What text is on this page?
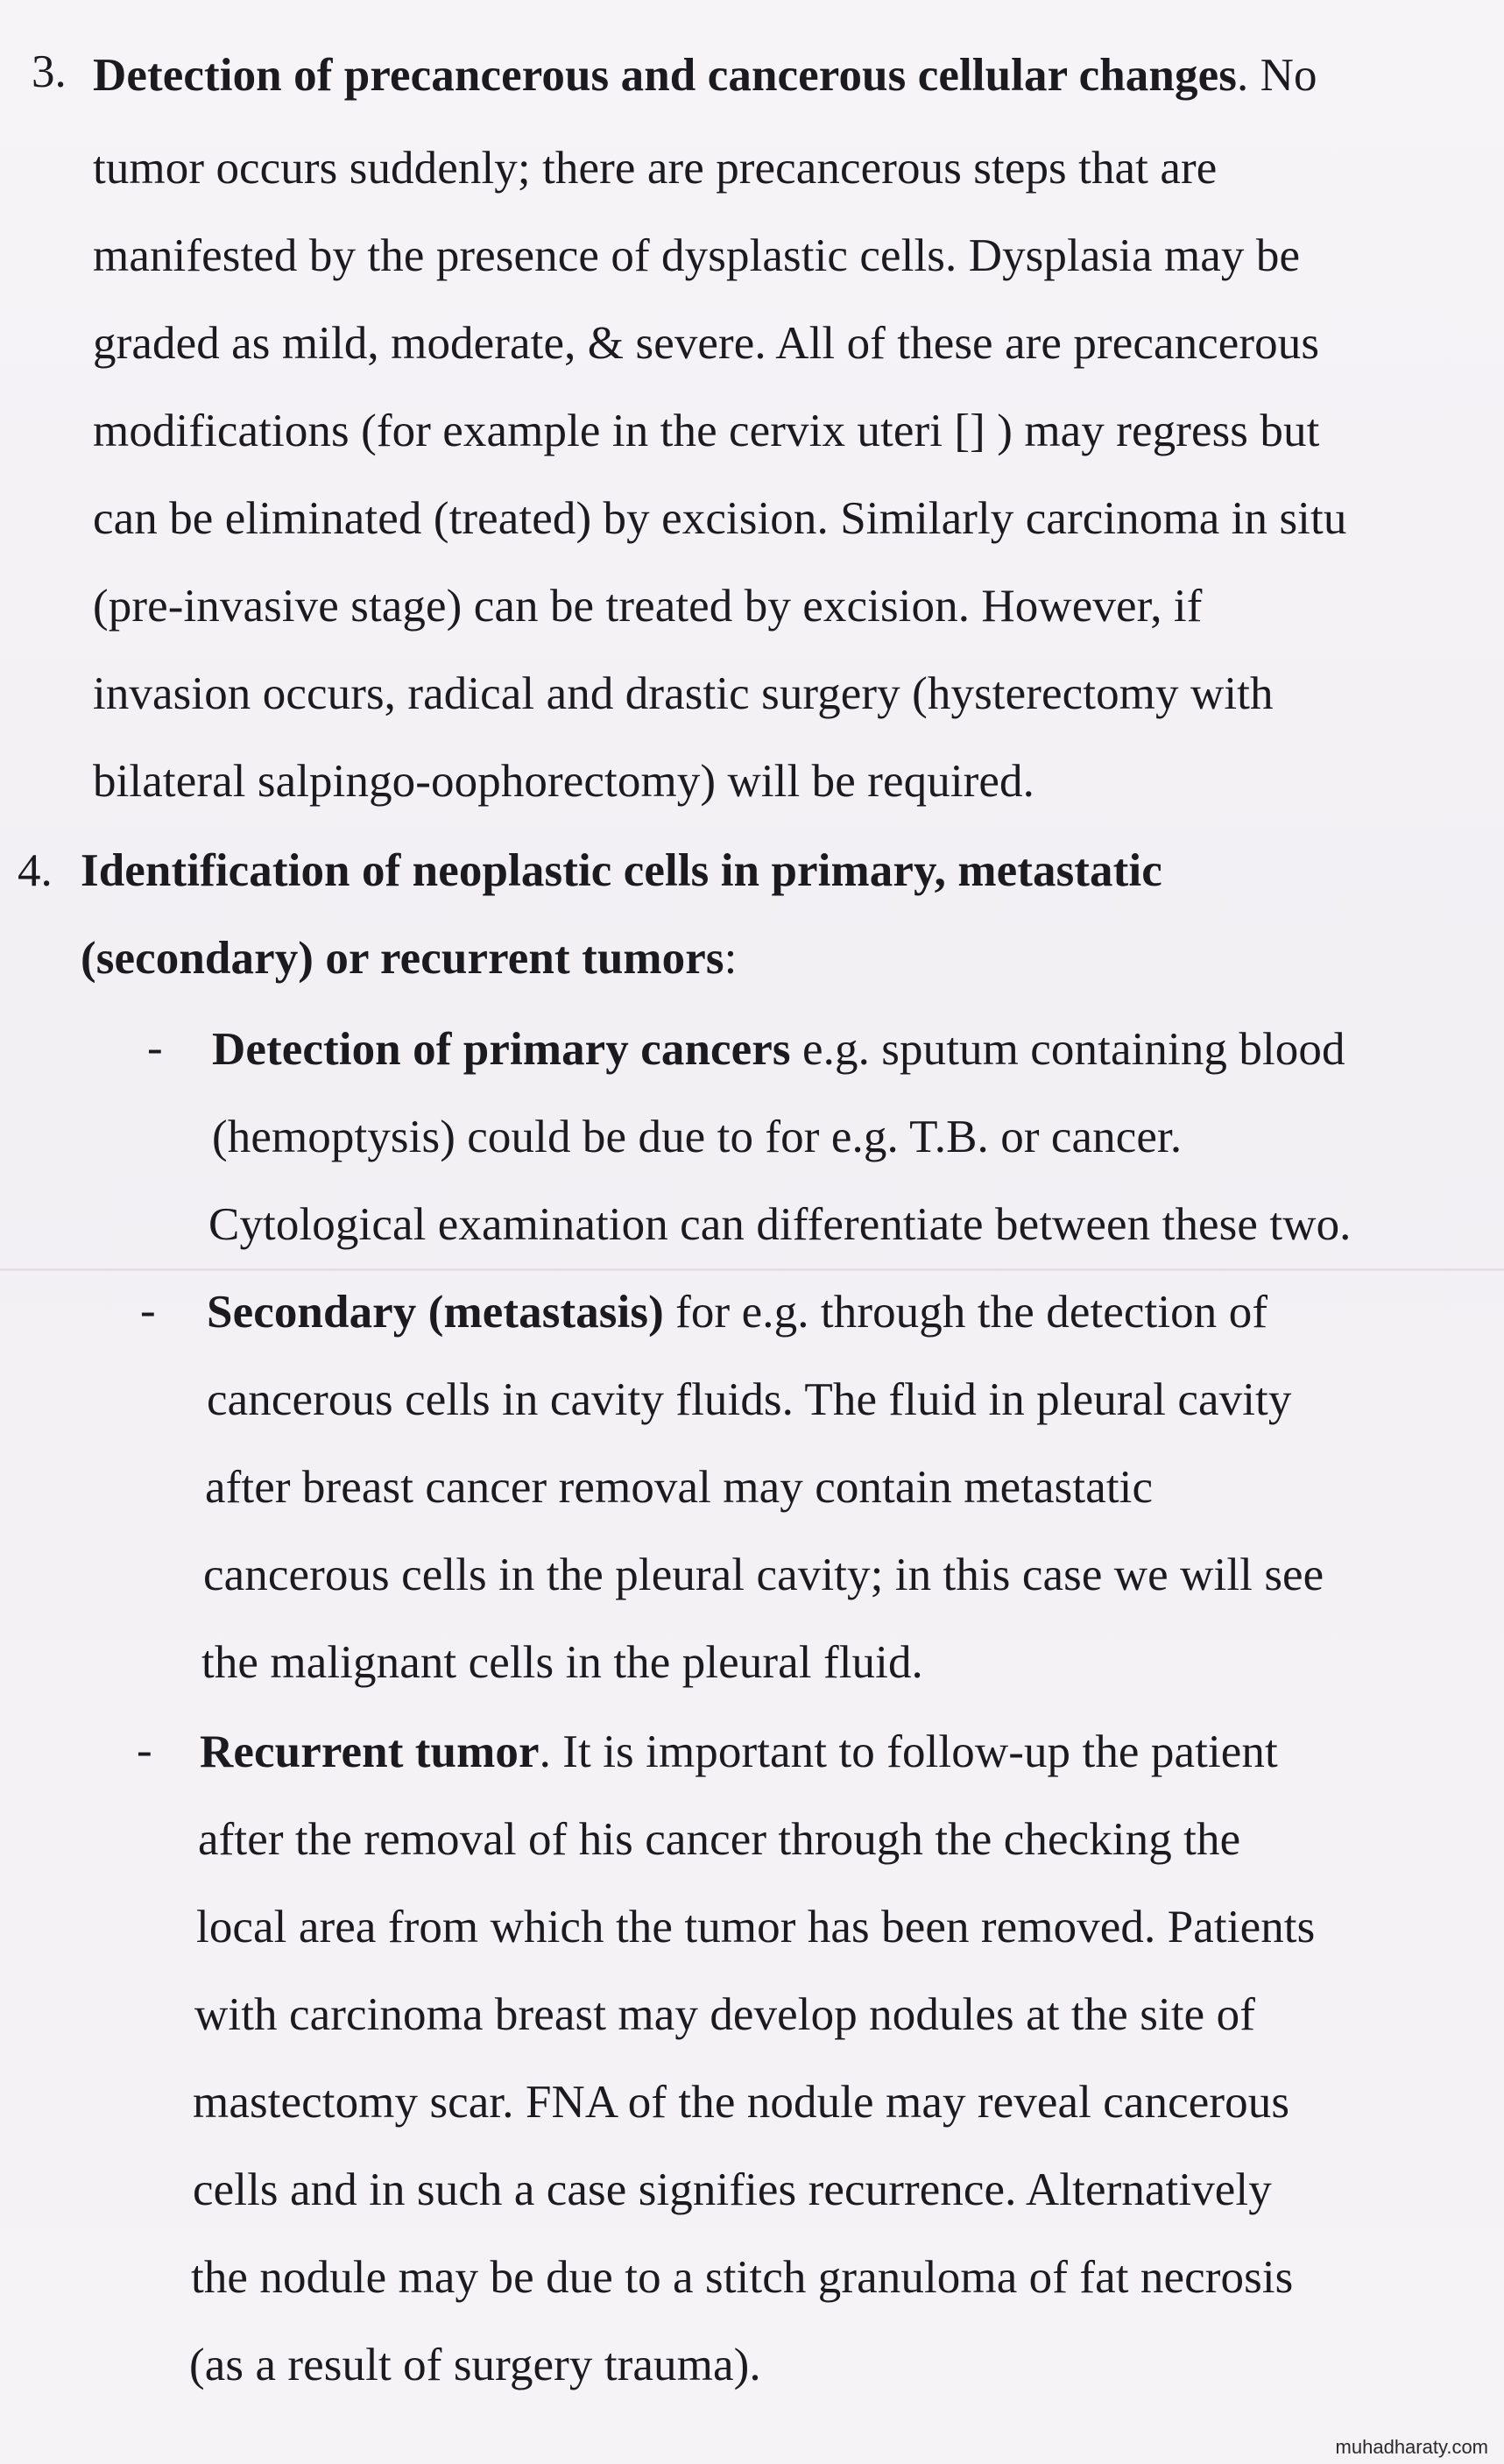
3. Detection of precancerous and cancerous cellular changes. No
tumor occurs suddenly; there are precancerous steps that are
manifested by the presence of dysplastic cells. Dysplasia may be
graded as mild, moderate, & severe. All of these are precancerous
modifications (for example in the cervix uteri [] ) may regress but
can be eliminated (treated) by excision. Similarly carcinoma in situ
(pre-invasive stage) can be treated by excision. However, if
invasion occurs, radical and drastic surgery (hysterectomy with
bilateral salpingo-oophorectomy) will be required.
4. Identification of neoplastic cells in primary, metastatic
(secondary) or recurrent tumors:
- Detection of primary cancers e.g. sputum containing blood
(hemoptysis) could be due to for e.g. T.B. or cancer.
Cytological examination can differentiate between these two.
- Secondary (metastasis) for e.g. through the detection of
cancerous cells in cavity fluids. The fluid in pleural cavity
after breast cancer removal may contain metastatic
cancerous cells in the pleural cavity; in this case we will see
the malignant cells in the pleural fluid.
- Recurrent tumor. It is important to follow-up the patient
after the removal of his cancer through the checking the
local area from which the tumor has been removed. Patients
with carcinoma breast may develop nodules at the site of
mastectomy scar. FNA of the nodule may reveal cancerous
cells and in such a case signifies recurrence. Alternatively
the nodule may be due to a stitch granuloma of fat necrosis
(as a result of surgery trauma).
muhadharaty.com
